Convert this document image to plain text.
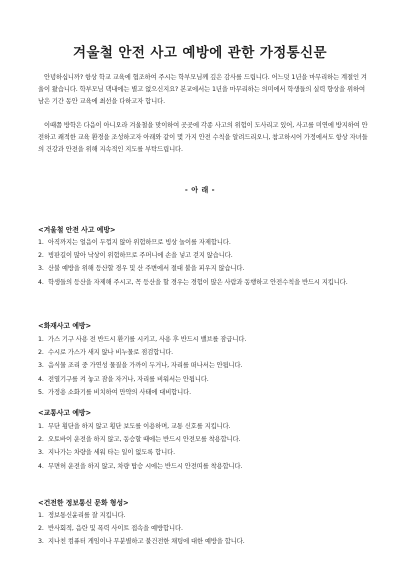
겨울철 안전 사고 예방에 관한 가정통신문

안녕하십니까? 항상 학교 교육에 협조하여 주시는 학부모님께 깊은 감사를 드립니다. 어느덧 1년을 마무리하는 계절인 겨울이 왔습니다. 학부모님 댁내에는 별고 없으신지요? 본교에서는 1년을 마무리하는 의미에서 학생들의 실력 향상을 위하여 남은 기간 동안 교육에 최선을 다하고자 합니다.

이때쯤 방학은 다음이 아니오라 겨울철을 맞이하여 곳곳에 각종 사고의 위험이 도사리고 있어, 사고를 미연에 방지하여 안전하고 쾌적한 교육 환경을 조성하고자 아래와 같이 몇 가지 안전 수칙을 알려드리오니, 참고하시어 가정에서도 항상 자녀들의 건강과 안전을 위해 지속적인 지도를 부탁드립니다.

- 아 래 -
<겨울철 안전 사고 예방>
1. 아직까지는 얼음이 두껍지 않아 위험하므로 빙상 놀이를 자제합니다.
2. 빙판길이 많아 낙상이 위험하므로 주머니에 손을 넣고 걷지 않습니다.
3. 산불 예방을 위해 등산할 경우 및 산 주변에서 절대 불을 피우지 않습니다.
4. 학생들의 등산을 자제해 주시고, 꼭 등산을 할 경우는 경험이 많은 사람과 동행하고 안전수칙을 반드시 지킵니다.
<화재사고 예방>
1. 가스 기구 사용 전 반드시 환기를 시키고, 사용 후 반드시 밸브를 잠급니다.
2. 수시로 가스가 새지 않나 비누물로 점검합니다.
3. 음식물 조리 중 가연성 물질을 가까이 두거나, 자리를 떠나서는 안됩니다.
4. 전열기구를 켜 놓고 잠을 자거나, 자리를 비워서는 안됩니다.
5. 가정용 소화기를 비치하여 만약의 사태에 대비합니다.
<교통사고 예방>
1. 무단 횡단을 하지 않고 횡단 보도를 이용하며, 교통 신호를 지킵니다.
2. 오토바이 운전을 하지 않고, 동승할 때에는 반드시 안전모를 착용합니다.
3. 지나가는 차량을 세워 타는 일이 없도록 합니다.
4. 무면허 운전을 하지 않고, 차량 탑승 시에는 반드시 안전띠를 착용합니다.
<건전한 정보통신 문화 형성>
1. 정보통신윤리를 잘 지킵니다.
2. 반사회적, 음란 및 폭력 사이트 접속을 예방합니다.
3. 지나친 컴퓨터 게임이나 무분별하고 불건전한 채팅에 대한 예방을 합니다.
